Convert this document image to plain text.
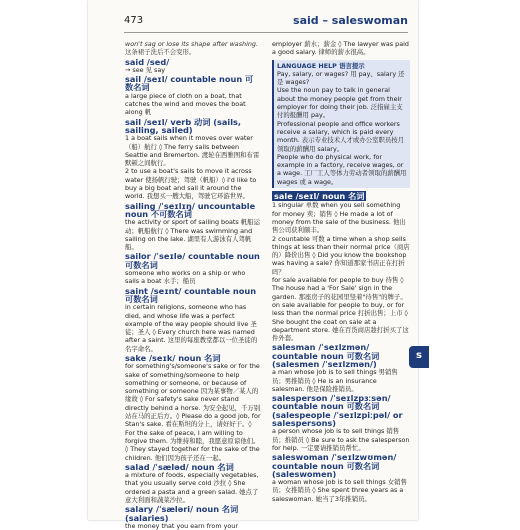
473	said – saleswoman
won't sag or lose its shape after washing.
这条裙子洗后不会变形。
said /sed/
→ see 见 say
sail /seɪl/ countable noun 可数名词
a large piece of cloth on a boat, that catches the wind and moves the boat along 帆
sail /seɪl/ verb 动词 (sails, sailing, sailed)
1 a boat sails when it moves over water（船）航行 ◊ The ferry sails between Seattle and Bremerton. 渡轮在西雅图和布雷默顿之间航行。
2 to use a boat's sails to move it across water 使扬帆行驶；驾驶（帆船）◊ I'd like to buy a big boat and sail it around the world. 我想买一艘大船，驾驶它环游世界。
sailing /ˈseɪlɪŋ/ uncountable noun 不可数名词
the activity or sport of sailing boats 帆船运动；帆船航行 ◊ There was swimming and sailing on the lake. 湖里有人游泳有人驾帆船。
sailor /ˈseɪlə/ countable noun 可数名词
someone who works on a ship or who sails a boat 水手；船员
saint /seɪnt/ countable noun 可数名词
in certain religions, someone who has died, and whose life was a perfect example of the way people should live 圣徒；圣人 ◊ Every church here was named after a saint. 这里的每座教堂都以一位圣徒的名字命名。
sake /seɪk/ noun 名词
for something's/someone's sake or for the sake of something/someone to help something or someone, or because of something or someone 因为某事物／某人的缘故 ◊ For safety's sake never stand directly behind a horse. 为安全起见，千万别站在马的正后方。◊ Please do a good job, for Stan's sake. 看在斯坦的分上，请好好干。◊ For the sake of peace, I am willing to forgive them. 为维持和睦，我愿意原谅他们。◊ They stayed together for the sake of the children. 他们因为孩子还在一起。
salad /ˈsæləd/ noun 名词
a mixture of foods, especially vegetables, that you usually serve cold 沙拉 ◊ She ordered a pasta and a green salad. 她点了意大利面和蔬菜沙拉。
salary /ˈsæləri/ noun 名词 (salaries)
the money that you earn from your
employer 薪水；薪金 ◊ The lawyer was paid a good salary. 律师的薪水很高。
LANGUAGE HELP 语言提示
Pay, salary, or wages? 用 pay、salary 还是 wages?
Use the noun pay to talk in general about the money people get from their employer for doing their job. 泛指雇主支付的报酬用 pay。
Professional people and office workers receive a salary, which is paid every month. 表示专业技术人才或办公室职员按月领取的薪酬用 salary。
People who do physical work, for example in a factory, receive wages, or a wage. 工厂工人等体力劳动者领取的薪酬用 wages 或 a wage。
sale /seɪl/ noun 名词
1 singular 单数 when you sell something for money 卖；销售 ◊ He made a lot of money from the sale of the business. 他出售公司获利颇丰。
2 countable 可数 a time when a shop sells things at less than their normal price（商店的）降价出售 ◊ Did you know the bookshop was having a sale? 你知道那家书店正在打折吗？
for sale available for people to buy 待售 ◊ The house had a 'For Sale' sign in the garden. 那座房子的花园里竖着"待售"的牌子。
on sale available for people to buy, or for less than the normal price 打折出售；上市 ◊ She bought the coat on sale at a department store. 她在百货商店趁打折买了这件外套。
salesman /ˈseɪlzmən/ countable noun 可数名词 (salesmen /ˈseɪlzmən/)
a man whose job is to sell things 男销售员；男推销员 ◊ He is an insurance salesman. 他是保险推销员。
salesperson /ˈseɪlzpɜːsən/ countable noun 可数名词 (salespeople /ˈseɪlzpiːpəl/ or salespersons)
a person whose job is to sell things 销售员；推销员 ◊ Be sure to ask the salesperson for help. 一定要请推销员帮忙。
saleswoman /ˈseɪlzwʊmən/ countable noun 可数名词 (saleswomen)
a woman whose job is to sell things 女销售员；女推销员 ◊ She spent three years as a saleswoman. 她当了3年推销员。
s
